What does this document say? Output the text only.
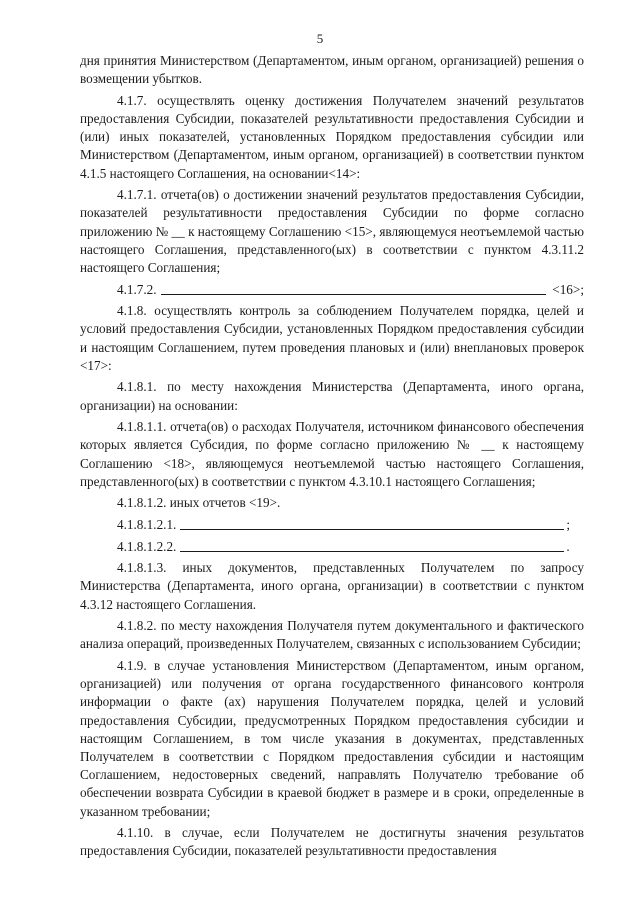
5

дня принятия Министерством (Департаментом, иным органом, организацией) решения о возмещении убытков.

4.1.7. осуществлять оценку достижения Получателем значений результатов предоставления Субсидии, показателей результативности предоставления Субсидии и (или) иных показателей, установленных Порядком предоставления субсидии или Министерством (Департаментом, иным органом, организацией) в соответствии пунктом 4.1.5 настоящего Соглашения, на основании<14>:

4.1.7.1. отчета(ов) о достижении значений результатов предоставления Субсидии, показателей результативности предоставления Субсидии по форме согласно приложению № __ к настоящему Соглашению <15>, являющемуся неотъемлемой частью настоящего Соглашения, представленного(ых) в соответствии с пунктом 4.3.11.2 настоящего Соглашения;

4.1.7.2.	<16>;

4.1.8. осуществлять контроль за соблюдением Получателем порядка, целей и условий предоставления Субсидии, установленных Порядком предоставления субсидии и настоящим Соглашением, путем проведения плановых и (или) внеплановых проверок <17>:

4.1.8.1. по месту нахождения Министерства (Департамента, иного органа, организации) на основании:

4.1.8.1.1. отчета(ов) о расходах Получателя, источником финансового обеспечения которых является Субсидия, по форме согласно приложению № __ к настоящему Соглашению <18>, являющемуся неотъемлемой частью настоящего Соглашения, представленного(ых) в соответствии с пунктом 4.3.10.1 настоящего Соглашения;

4.1.8.1.2. иных отчетов <19>.

4.1.8.1.2.1.	;
4.1.8.1.2.2.	.

4.1.8.1.3. иных документов, представленных Получателем по запросу Министерства (Департамента, иного органа, организации) в соответствии с пунктом 4.3.12 настоящего Соглашения.

4.1.8.2. по месту нахождения Получателя путем документального и фактического анализа операций, произведенных Получателем, связанных с использованием Субсидии;

4.1.9. в случае установления Министерством (Департаментом, иным органом, организацией) или получения от органа государственного финансового контроля информации о факте (ах) нарушения Получателем порядка, целей и условий предоставления Субсидии, предусмотренных Порядком предоставления субсидии и настоящим Соглашением, в том числе указания в документах, представленных Получателем в соответствии с Порядком предоставления субсидии и настоящим Соглашением, недостоверных сведений, направлять Получателю требование об обеспечении возврата Субсидии в краевой бюджет в размере и в сроки, определенные в указанном требовании;

4.1.10. в случае, если Получателем не достигнуты значения результатов предоставления Субсидии, показателей результативности предоставления
